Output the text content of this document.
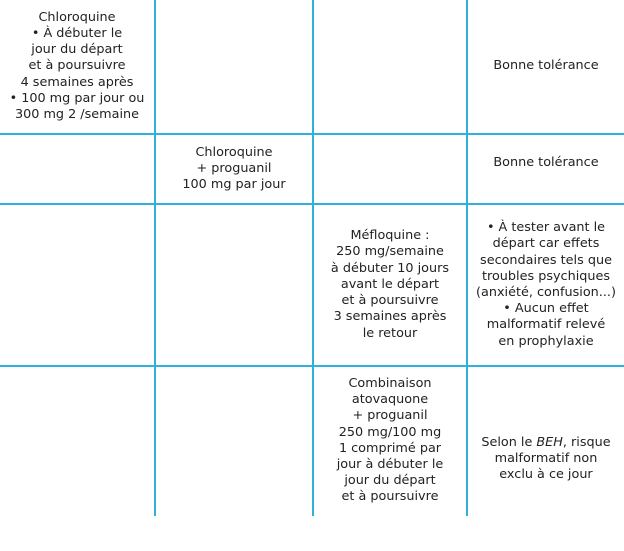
Chloroquine
• À débuter le
jour du départ
et à poursuivre
4 semaines après
• 100 mg par jour ou
300 mg 2 /semaine
Bonne tolérance
Chloroquine
+ proguanil
100 mg par jour
Bonne tolérance
Méfloquine :
250 mg/semaine
à débuter 10 jours
avant le départ
et à poursuivre
3 semaines après
le retour
• À tester avant le
départ car effets
secondaires tels que
troubles psychiques
(anxiété, confusion...)
• Aucun effet
malformatif relevé
en prophylaxie
Combinaison
atovaquone
+ proguanil
250 mg/100 mg
1 comprimé par
jour à débuter le
jour du départ
et à poursuivre
Selon le BEH, risque
malformatif non
exclu à ce jour
